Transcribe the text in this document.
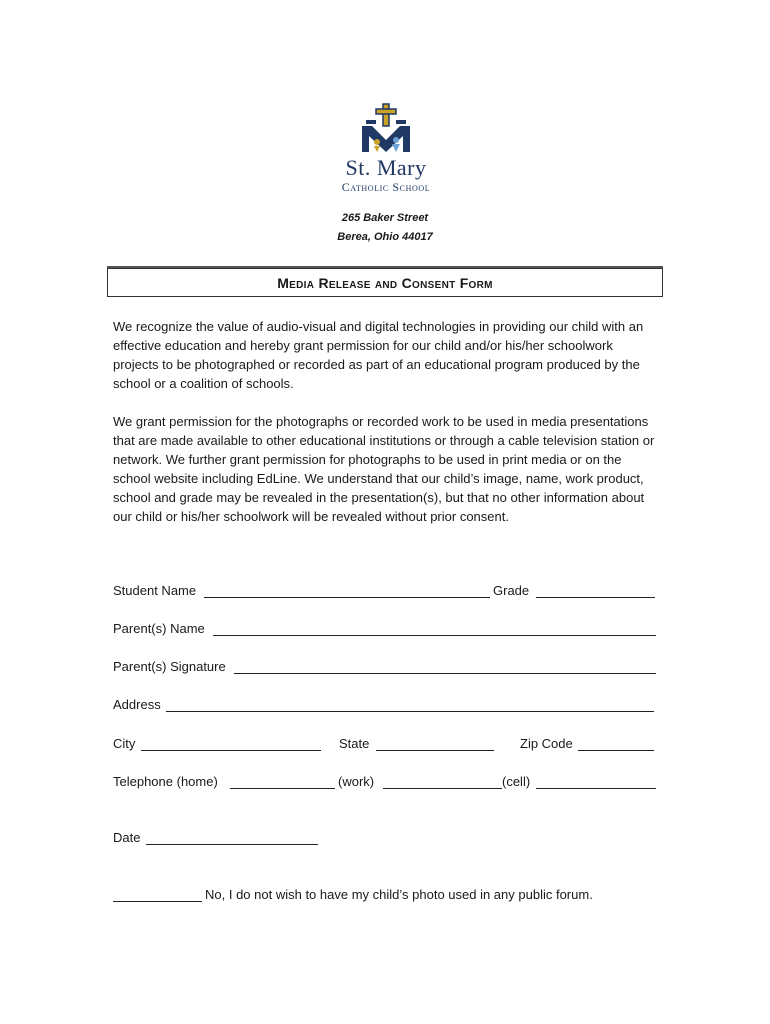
St. Mary
Catholic School
265 Baker Street
Berea, Ohio 44017
Media Release and Consent Form

We recognize the value of audio-visual and digital technologies in providing our child with an effective education and hereby grant permission for our child and/or his/her schoolwork projects to be photographed or recorded as part of an educational program produced by the school or a coalition of schools.

We grant permission for the photographs or recorded work to be used in media presentations that are made available to other educational institutions or through a cable television station or network. We further grant permission for photographs to be used in print media or on the school website including EdLine. We understand that our child’s image, name, work product, school and grade may be revealed in the presentation(s), but that no other information about our child or his/her schoolwork will be revealed without prior consent.

Student Name	Grade
Parent(s) Name
Parent(s) Signature
Address
City	State	Zip Code
Telephone (home)	(work)	(cell)
Date
No, I do not wish to have my child’s photo used in any public forum.
